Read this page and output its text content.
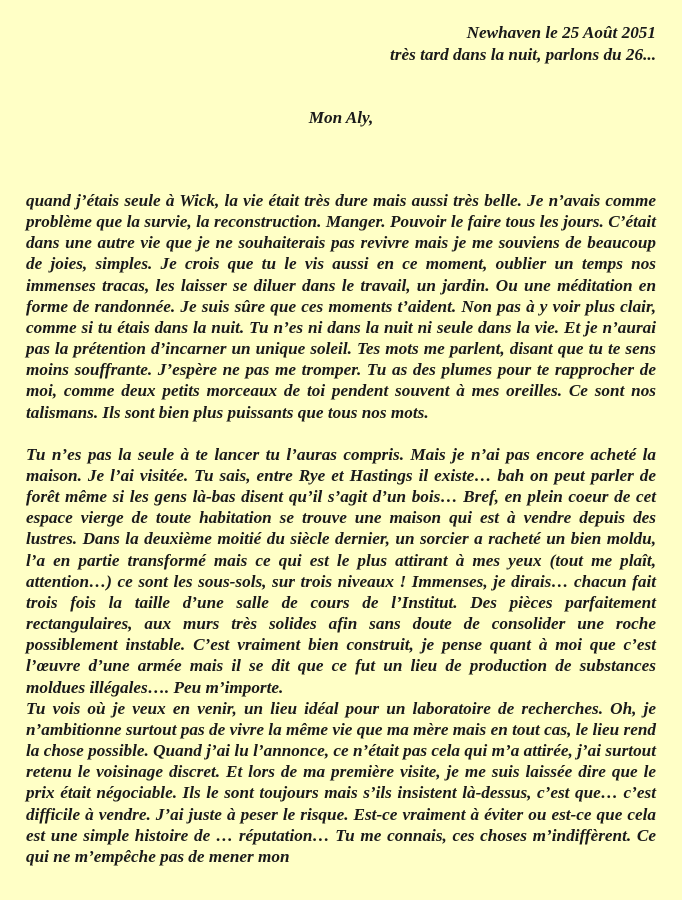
Newhaven le 25 Août 2051
très tard dans la nuit, parlons du 26...
Mon Aly,

quand j’étais seule à Wick, la vie était très dure mais aussi très belle. Je n’avais comme problème que la survie, la reconstruction. Manger. Pouvoir le faire tous les jours. C’était dans une autre vie que je ne souhaiterais pas revivre mais je me souviens de beaucoup de joies, simples. Je crois que tu le vis aussi en ce moment, oublier un temps nos immenses tracas, les laisser se diluer dans le travail, un jardin. Ou une méditation en forme de randonnée. Je suis sûre que ces moments t’aident. Non pas à y voir plus clair, comme si tu étais dans la nuit. Tu n’es ni dans la nuit ni seule dans la vie. Et je n’aurai pas la prétention d’incarner un unique soleil. Tes mots me parlent, disant que tu te sens moins souffrante. J’espère ne pas me tromper. Tu as des plumes pour te rapprocher de moi, comme deux petits morceaux de toi pendent souvent à mes oreilles. Ce sont nos talismans. Ils sont bien plus puissants que tous nos mots.

Tu n’es pas la seule à te lancer tu l’auras compris. Mais je n’ai pas encore acheté la maison. Je l’ai visitée. Tu sais, entre Rye et Hastings il existe… bah on peut parler de forêt même si les gens là-bas disent qu’il s’agit d’un bois… Bref, en plein coeur de cet espace vierge de toute habitation se trouve une maison qui est à vendre depuis des lustres. Dans la deuxième moitié du siècle dernier, un sorcier a racheté un bien moldu, l’a en partie transformé mais ce qui est le plus attirant à mes yeux (tout me plaît, attention…) ce sont les sous-sols, sur trois niveaux ! Immenses, je dirais… chacun fait trois fois la taille d’une salle de cours de l’Institut. Des pièces parfaitement rectangulaires, aux murs très solides afin sans doute de consolider une roche possiblement instable. C’est vraiment bien construit, je pense quant à moi que c’est l’œuvre d’une armée mais il se dit que ce fut un lieu de production de substances moldues illégales…. Peu m’importe.

Tu vois où je veux en venir, un lieu idéal pour un laboratoire de recherches. Oh, je n’ambitionne surtout pas de vivre la même vie que ma mère mais en tout cas, le lieu rend la chose possible. Quand j’ai lu l’annonce, ce n’était pas cela qui m’a attirée, j’ai surtout retenu le voisinage discret. Et lors de ma première visite, je me suis laissée dire que le prix était négociable. Ils le sont toujours mais s’ils insistent là-dessus, c’est que… c’est difficile à vendre. J’ai juste à peser le risque. Est-ce vraiment à éviter ou est-ce que cela est une simple histoire de … réputation… Tu me connais, ces choses m’indiffèrent. Ce qui ne m’empêche pas de mener mon
